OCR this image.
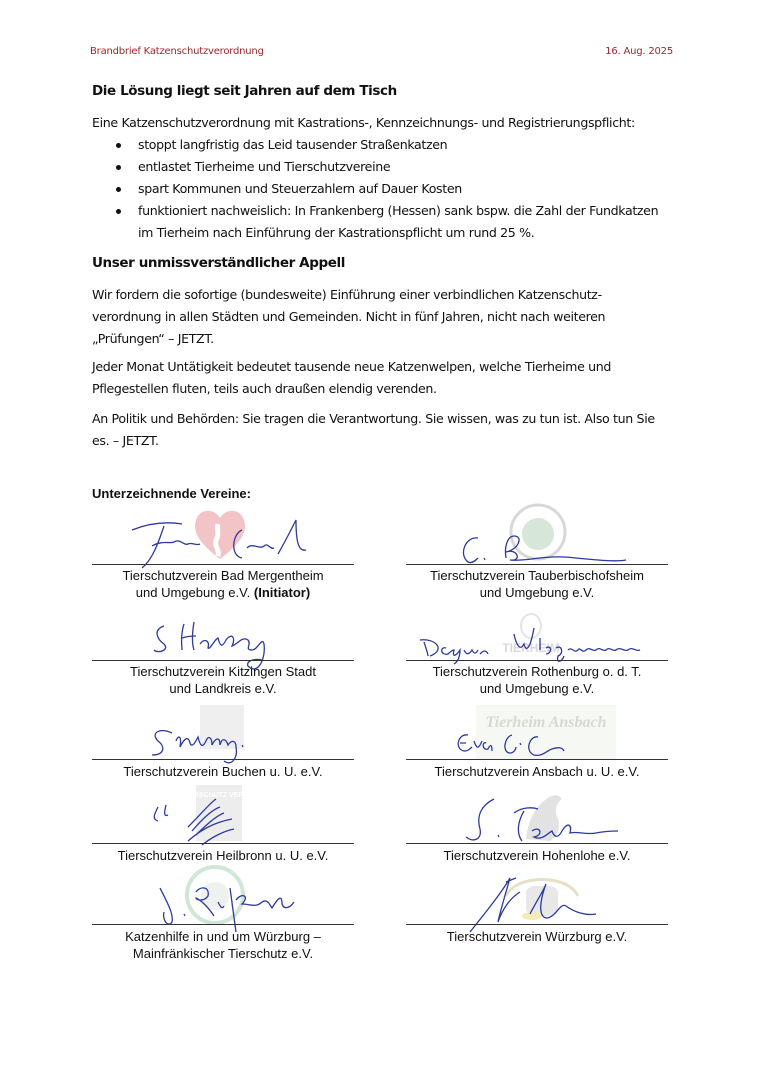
Brandbrief Katzenschutzverordnung	16. Aug. 2025
Die Lösung liegt seit Jahren auf dem Tisch
Eine Katzenschutzverordnung mit Kastrations-, Kennzeichnungs- und Registrierungspflicht:
stoppt langfristig das Leid tausender Straßenkatzen
entlastet Tierheime und Tierschutzvereine
spart Kommunen und Steuerzahlern auf Dauer Kosten
funktioniert nachweislich: In Frankenberg (Hessen) sank bspw. die Zahl der Fundkatzen im Tierheim nach Einführung der Kastrationspflicht um rund 25 %.
Unser unmissverständlicher Appell
Wir fordern die sofortige (bundesweite) Einführung einer verbindlichen Katzenschutz-verordnung in allen Städten und Gemeinden. Nicht in fünf Jahren, nicht nach weiteren „Prüfungen“ – JETZT.
Jeder Monat Untätigkeit bedeutet tausende neue Katzenwelpen, welche Tierheime und Pflegestellen fluten, teils auch draußen elendig verenden.
An Politik und Behörden: Sie tragen die Verantwortung. Sie wissen, was zu tun ist. Also tun Sie es. – JETZT.
Unterzeichnende Vereine:
Tierschutzverein Bad Mergentheim
und Umgebung e.V. (Initiator)
Tierschutzverein Tauberbischofsheim
und Umgebung e.V.
Tierschutzverein Kitzingen Stadt
und Landkreis e.V.
TIERHEIM
Tierschutzverein Rothenburg o. d. T.
und Umgebung e.V.
Tierschutzverein Buchen u. U. e.V.
Tierheim Ansbach
Tierschutzverein Ansbach u. U. e.V.
TIERSCHUTZ VEREIN
Tierschutzverein Heilbronn u. U. e.V.	Tierschutzverein Hohenlohe e.V.
Katzenhilfe in und um Würzburg –
Mainfränkischer Tierschutz e.V.
Tierschutzverein Würzburg e.V.
